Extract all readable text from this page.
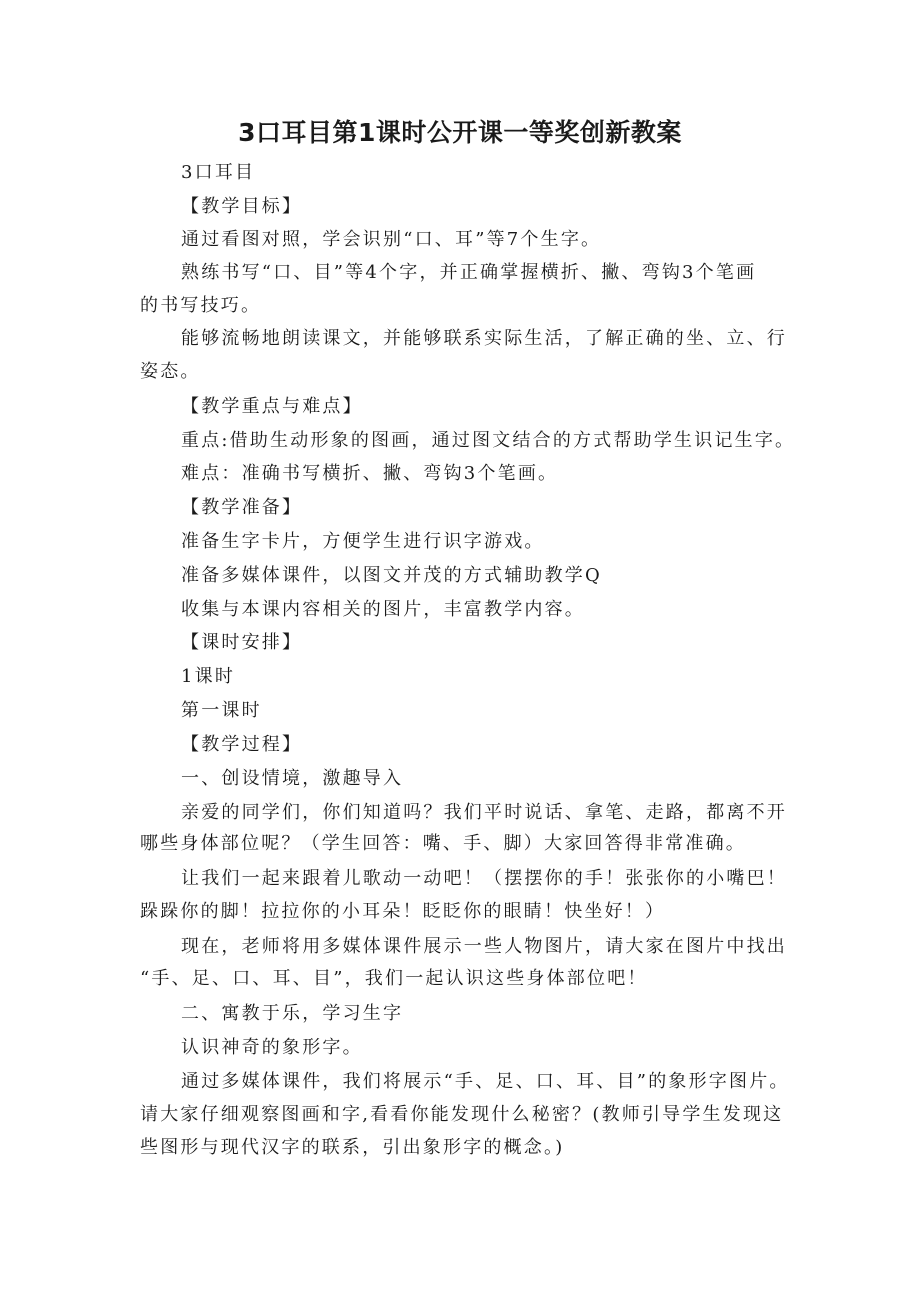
3口耳目第1课时公开课一等奖创新教案
3口耳目
【教学目标】
通过看图对照，学会识别“口、耳”等7个生字。
熟练书写“口、目”等4个字，并正确掌握横折、撇、弯钩3个笔画
的书写技巧。
能够流畅地朗读课文，并能够联系实际生活，了解正确的坐、立、行
姿态。
【教学重点与难点】
重点:借助生动形象的图画，通过图文结合的方式帮助学生识记生字。
难点：准确书写横折、撇、弯钩3个笔画。
【教学准备】
准备生字卡片，方便学生进行识字游戏。
准备多媒体课件，以图文并茂的方式辅助教学Q
收集与本课内容相关的图片，丰富教学内容。
【课时安排】
1课时
第一课时
【教学过程】
一、创设情境，激趣导入
亲爱的同学们，你们知道吗？我们平时说话、拿笔、走路，都离不开
哪些身体部位呢？（学生回答：嘴、手、脚）大家回答得非常准确。
让我们一起来跟着儿歌动一动吧！（摆摆你的手！张张你的小嘴巴！
跺跺你的脚！拉拉你的小耳朵！眨眨你的眼睛！快坐好！）
现在，老师将用多媒体课件展示一些人物图片，请大家在图片中找出
“手、足、口、耳、目”，我们一起认识这些身体部位吧！
二、寓教于乐，学习生字
认识神奇的象形字。
通过多媒体课件，我们将展示“手、足、口、耳、目”的象形字图片。
请大家仔细观察图画和字,看看你能发现什么秘密？(教师引导学生发现这
些图形与现代汉字的联系，引出象形字的概念。)
